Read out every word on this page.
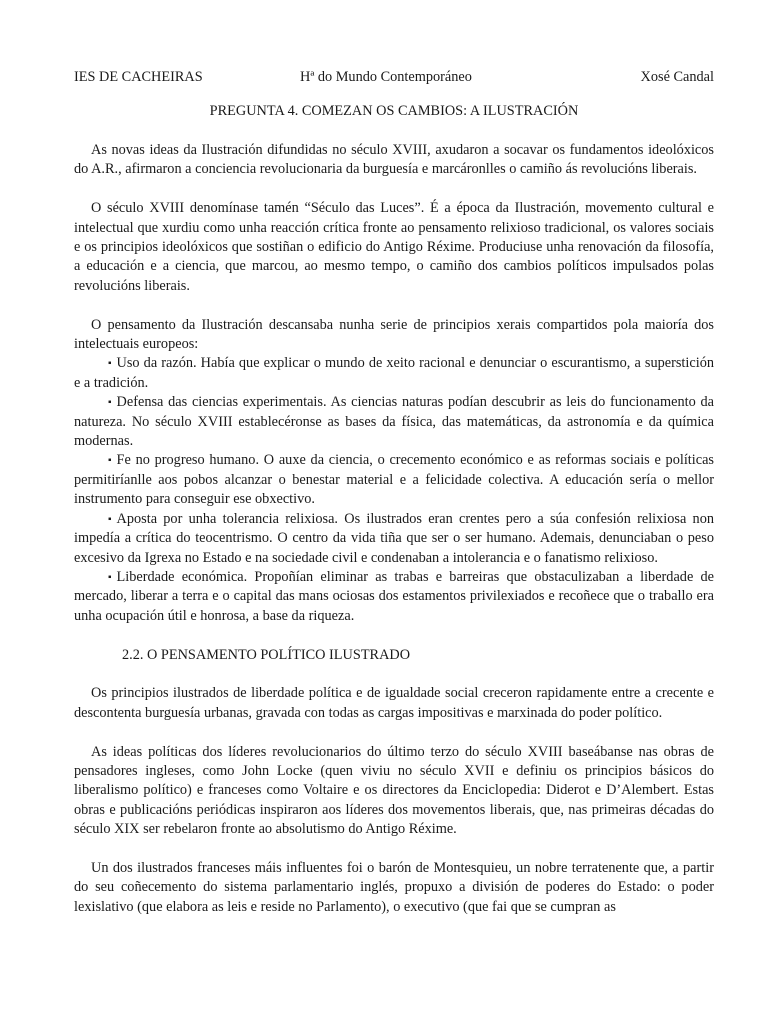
IES DE CACHEIRAS	Hª do Mundo Contemporáneo	Xosé Candal
PREGUNTA 4. COMEZAN OS CAMBIOS: A ILUSTRACIÓN

As novas ideas da Ilustración difundidas no século XVIII, axudaron a socavar os fundamentos ideolóxicos do A.R., afirmaron a conciencia revolucionaria da burguesía e marcáronlles o camiño ás revolucións liberais.

O século XVIII denomínase tamén “Século das Luces”. É a época da Ilustración, movemento cultural e intelectual que xurdiu como unha reacción crítica fronte ao pensamento relixioso tradicional, os valores sociais e os principios ideolóxicos que sostiñan o edificio do Antigo Réxime. Produciuse unha renovación da filosofía, a educación e a ciencia, que marcou, ao mesmo tempo, o camiño dos cambios políticos impulsados polas revolucións liberais.

O pensamento da Ilustración descansaba nunha serie de principios xerais compartidos pola maioría dos intelectuais europeos:

▪ Uso da razón. Había que explicar o mundo de xeito racional e denunciar o escurantismo, a superstición e a tradición.
▪ Defensa das ciencias experimentais. As ciencias naturas podían descubrir as leis do funcionamento da natureza. No século XVIII establecéronse as bases da física, das matemáticas, da astronomía e da química modernas.
▪ Fe no progreso humano. O auxe da ciencia, o crecemento económico e as reformas sociais e políticas permitiríanlle aos pobos alcanzar o benestar material e a felicidade colectiva. A educación sería o mellor instrumento para conseguir ese obxectivo.
▪ Aposta por unha tolerancia relixiosa. Os ilustrados eran crentes pero a súa confesión relixiosa non impedía a crítica do teocentrismo. O centro da vida tiña que ser o ser humano. Ademais, denunciaban o peso excesivo da Igrexa no Estado e na sociedade civil e condenaban a intolerancia e o fanatismo relixioso.
▪ Liberdade económica. Propoñían eliminar as trabas e barreiras que obstaculizaban a liberdade de mercado, liberar a terra e o capital das mans ociosas dos estamentos privilexiados e recoñece que o traballo era unha ocupación útil e honrosa, a base da riqueza.
2.2. O PENSAMENTO POLÍTICO ILUSTRADO

Os principios ilustrados de liberdade política e de igualdade social creceron rapidamente entre a crecente e descontenta burguesía urbanas, gravada con todas as cargas impositivas e marxinada do poder político.

As ideas políticas dos líderes revolucionarios do último terzo do século XVIII baseábanse nas obras de pensadores ingleses, como John Locke (quen viviu no século XVII e definiu os principios básicos do liberalismo político) e franceses como Voltaire e os directores da Enciclopedia: Diderot e D’Alembert. Estas obras e publicacións periódicas inspiraron aos líderes dos movementos liberais, que, nas primeiras décadas do século XIX ser rebelaron fronte ao absolutismo do Antigo Réxime.

Un dos ilustrados franceses máis influentes foi o barón de Montesquieu, un nobre terratenente que, a partir do seu coñecemento do sistema parlamentario inglés, propuxo a división de poderes do Estado: o poder lexislativo (que elabora as leis e reside no Parlamento), o executivo (que fai que se cumpran as
